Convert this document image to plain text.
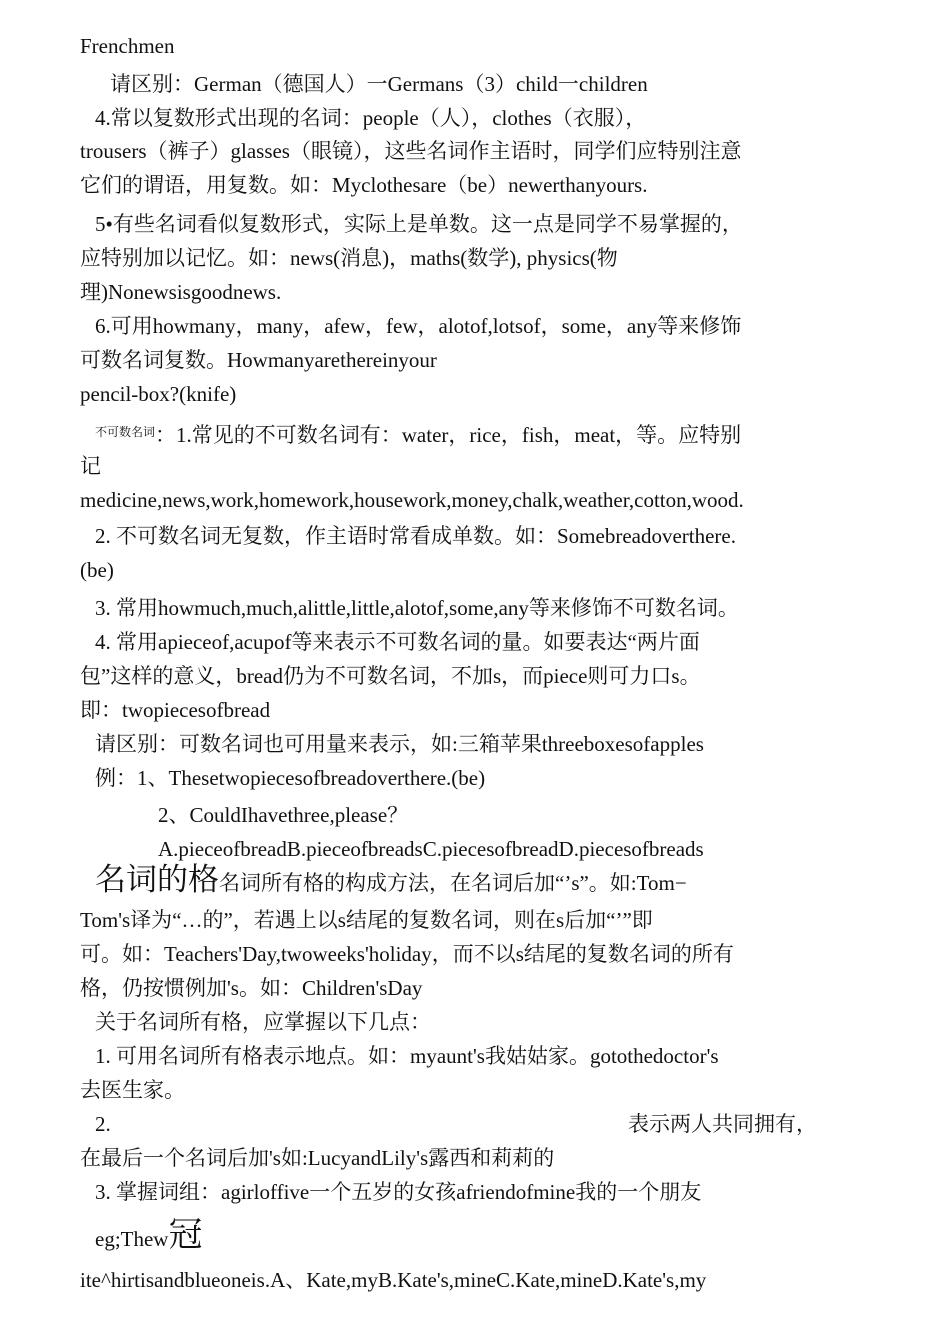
Frenchmen
请区别：German（德国人）一Germans（3）child一children
4.常以复数形式出现的名词：people（人），clothes（衣服），
trousers（裤子）glasses（眼镜），这些名词作主语时，同学们应特别注意
它们的谓语，用复数。如：Myclothesare（be）newerthanyours.
5•有些名词看似复数形式，实际上是单数。这一点是同学不易掌握的，
应特别加以记忆。如：news(消息)，maths(数学), physics(物
理)Nonewsisgoodnews.
6.可用howmany，many，afew，few，alotof,lotsof，some，any等来修饰
可数名词复数。Howmanyarethereinyour
pencil-box?(knife)
$^{不可数名词}$：1.常见的不可数名词有：water，rice，fish，meat，等。应特别
记
medicine,news,work,homework,housework,money,chalk,weather,cotton,wood.
2. 不可数名词无复数，作主语时常看成单数。如：Somebreadoverthere.
(be)
3. 常用howmuch,much,alittle,little,alotof,some,any等来修饰不可数名词。
4. 常用apieceof,acupof等来表示不可数名词的量。如要表达“两片面
包”这样的意义，bread仍为不可数名词，不加s，而piece则可力口s。
即：twopiecesofbread
请区别：可数名词也可用量来表示，如:三箱苹果threeboxesofapples
例：1、Thesetwopiecesofbreadoverthere.(be)
2、CouldIhavethree,please？
A.pieceofbreadB.pieceofbreadsC.piecesofbreadD.piecesofbreads
名词的格名词所有格的构成方法，在名词后加“’s”。如:Tom−
Tom's译为“…的”，若遇上以s结尾的复数名词，则在s后加“’”即
可。如：Teachers'Day,twoweeks'holiday，而不以s结尾的复数名词的所有
格，仍按惯例加's。如：Children'sDay
关于名词所有格，应掌握以下几点：
1. 可用名词所有格表示地点。如：myaunt's我姑姑家。gotothedoctor's
去医生家。
2.	表示两人共同拥有，
在最后一个名词后加's如:LucyandLily's露西和莉莉的
3. 掌握词组：agirloffive一个五岁的女孩afriendofmine我的一个朋友
eg;Thew冠
ite^hirtisandblueoneis.A、Kate,myB.Kate's,mineC.Kate,mineD.Kate's,my
